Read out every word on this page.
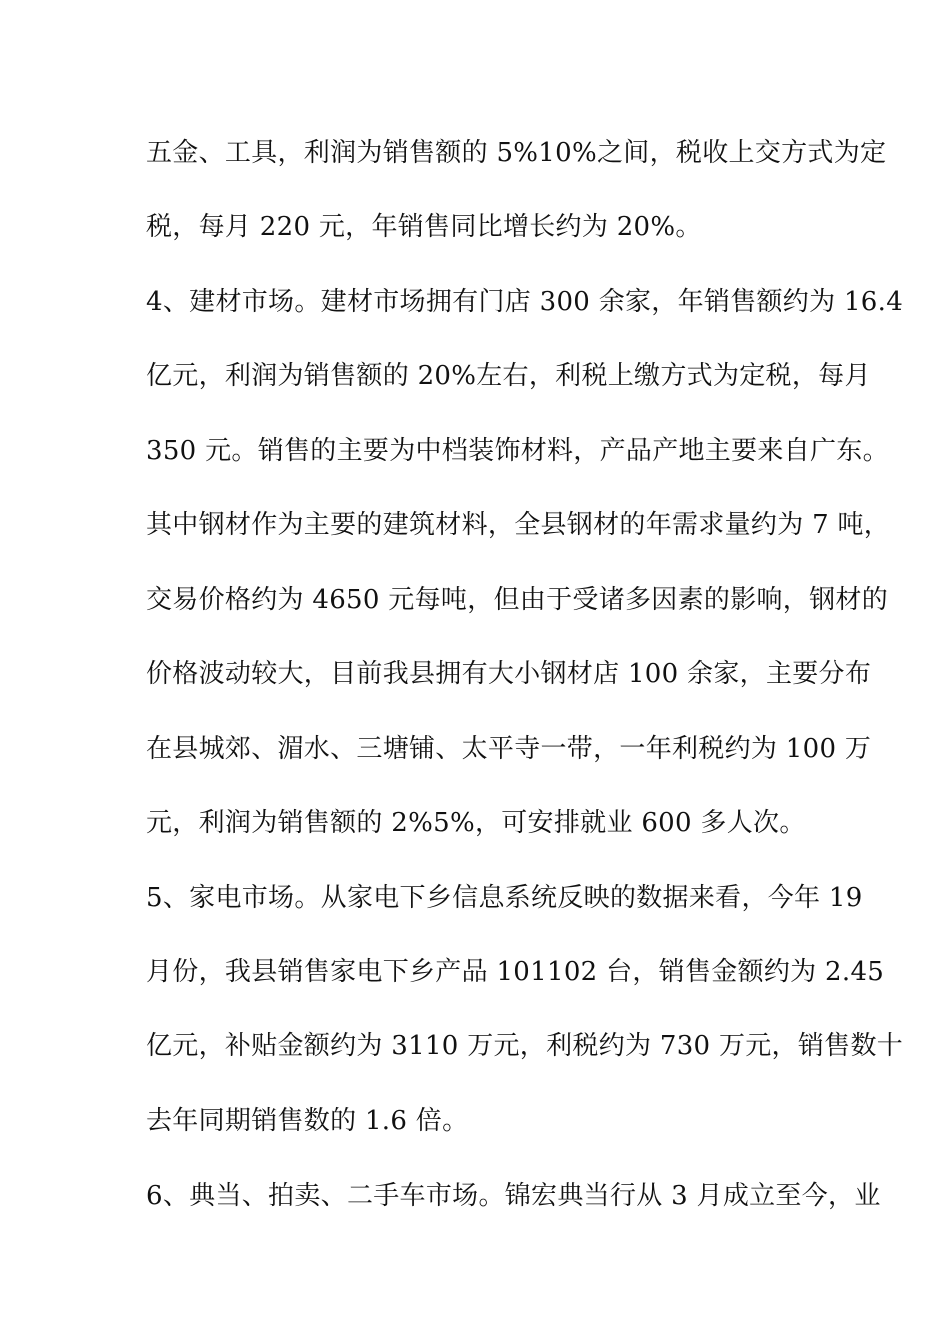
五金、工具，利润为销售额的 5%10%之间，税收上交方式为定
税，每月 220 元，年销售同比增长约为 20%。
4、建材市场。建材市场拥有门店 300 余家，年销售额约为 16.4
亿元，利润为销售额的 20%左右，利税上缴方式为定税，每月
350 元。销售的主要为中档装饰材料，产品产地主要来自广东。
其中钢材作为主要的建筑材料，全县钢材的年需求量约为 7 吨，
交易价格约为 4650 元每吨，但由于受诸多因素的影响，钢材的
价格波动较大，目前我县拥有大小钢材店 100 余家，主要分布
在县城郊、湄水、三塘铺、太平寺一带，一年利税约为 100 万
元，利润为销售额的 2%5%，可安排就业 600 多人次。
5、家电市场。从家电下乡信息系统反映的数据来看，今年 19
月份，我县销售家电下乡产品 101102 台，销售金额约为 2.45
亿元，补贴金额约为 3110 万元，利税约为 730 万元，销售数十
去年同期销售数的 1.6 倍。
6、典当、拍卖、二手车市场。锦宏典当行从 3 月成立至今，业
